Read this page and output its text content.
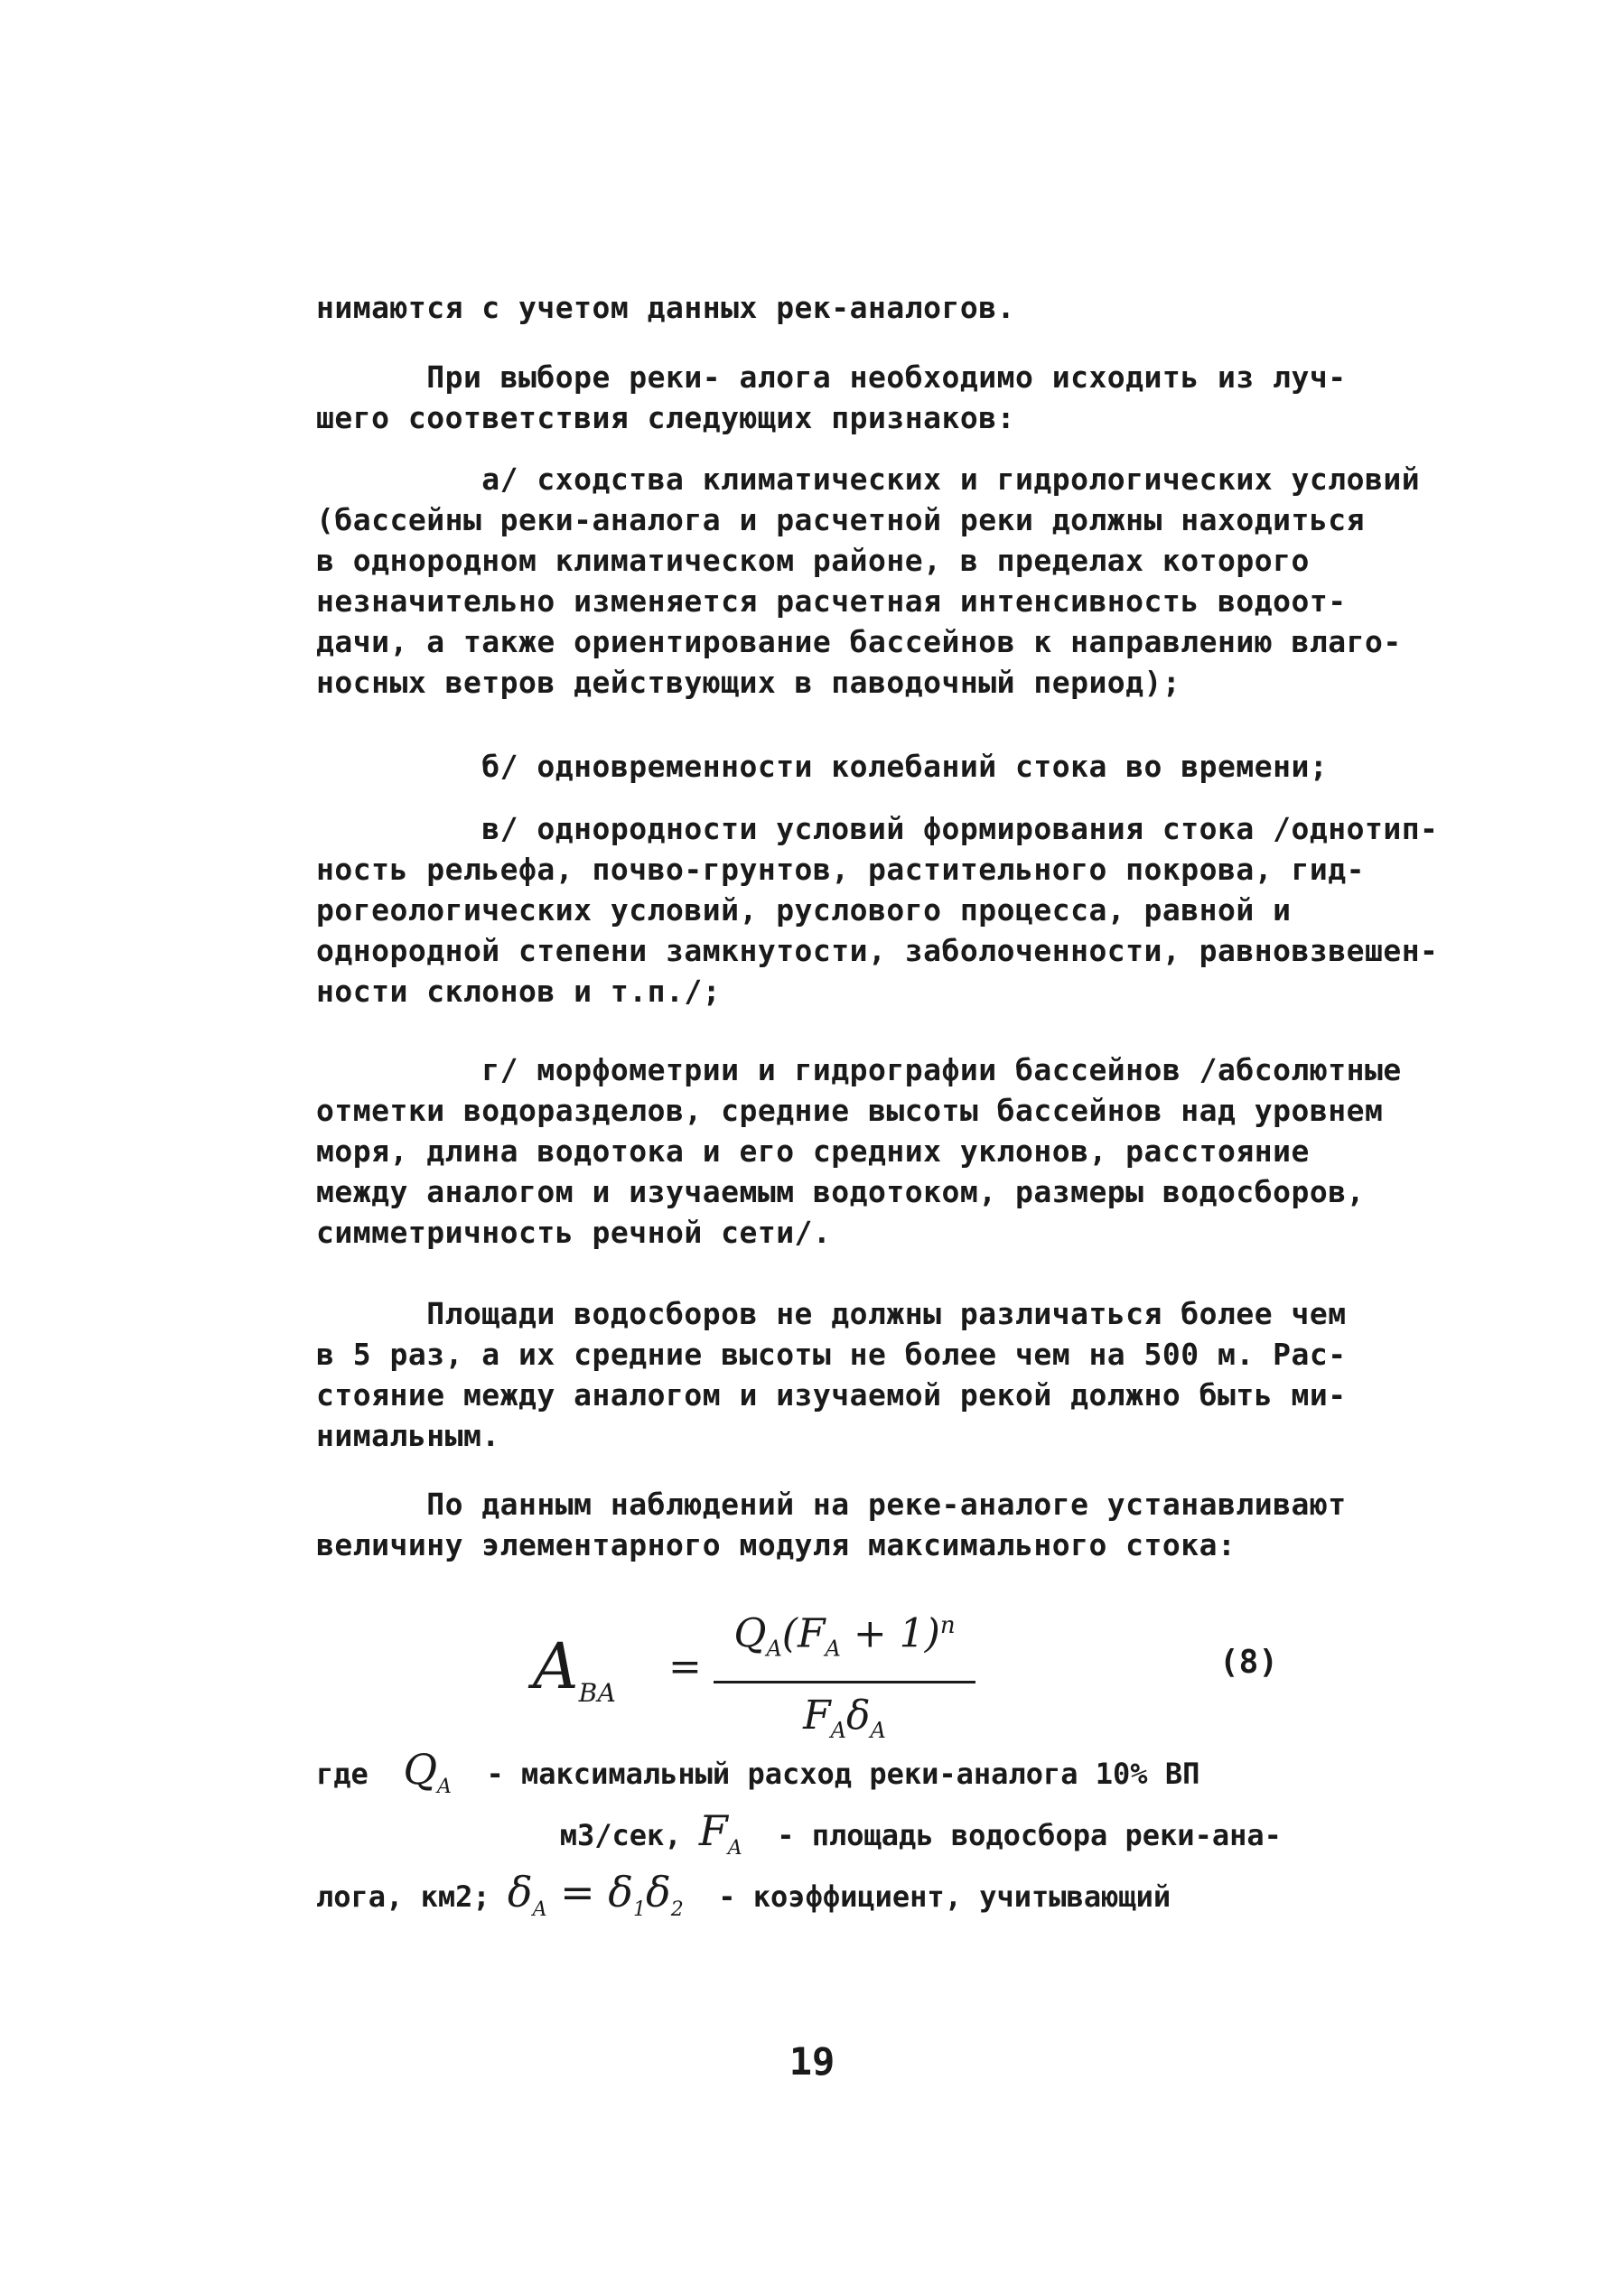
нимаются с учетом данных рек-аналогов.
При выборе реки- алога необходимо исходить из луч-
шего соответствия следующих признаков:
а/ сходства климатических и гидрологических условий
(бассейны реки-аналога и расчетной реки должны находиться
в однородном климатическом районе, в пределах которого
незначительно изменяется расчетная интенсивность водоот-
дачи, а также ориентирование бассейнов к направлению влаго-
носных ветров действующих в паводочный период);
б/ одновременности колебаний стока во времени;
в/ однородности условий формирования стока /однотип-
ность рельефа, почво-грунтов, растительного покрова, гид-
рогеологических условий, руслового процесса, равной и
однородной степени замкнутости, заболоченности, равновзвешен-
ности склонов и т.п./;
г/ морфометрии и гидрографии бассейнов /абсолютные
отметки водоразделов, средние высоты бассейнов над уровнем
моря, длина водотока и его средних уклонов, расстояние
между аналогом и изучаемым водотоком, размеры водосборов,
симметричность речной сети/.
Площади водосборов не должны различаться более чем
в 5 раз, а их средние высоты не более чем на 500 м. Рас-
стояние между аналогом и изучаемой рекой должно быть ми-
нимальным.
По данным наблюдений на реке-аналоге устанавливают
величину элементарного модуля максимального стока:
$A_{ВА}$
=
$Q_A(F_A + 1)^n$
$F_A\delta_A$
(8)
где $Q_A$  - максимальный расход реки-аналога 10% ВП
м3/сек, $F_A$  - площадь водосбора реки-ана-
лога, км2; $\delta_A = \delta_1\delta_2$  - коэффициент, учитывающий
19
